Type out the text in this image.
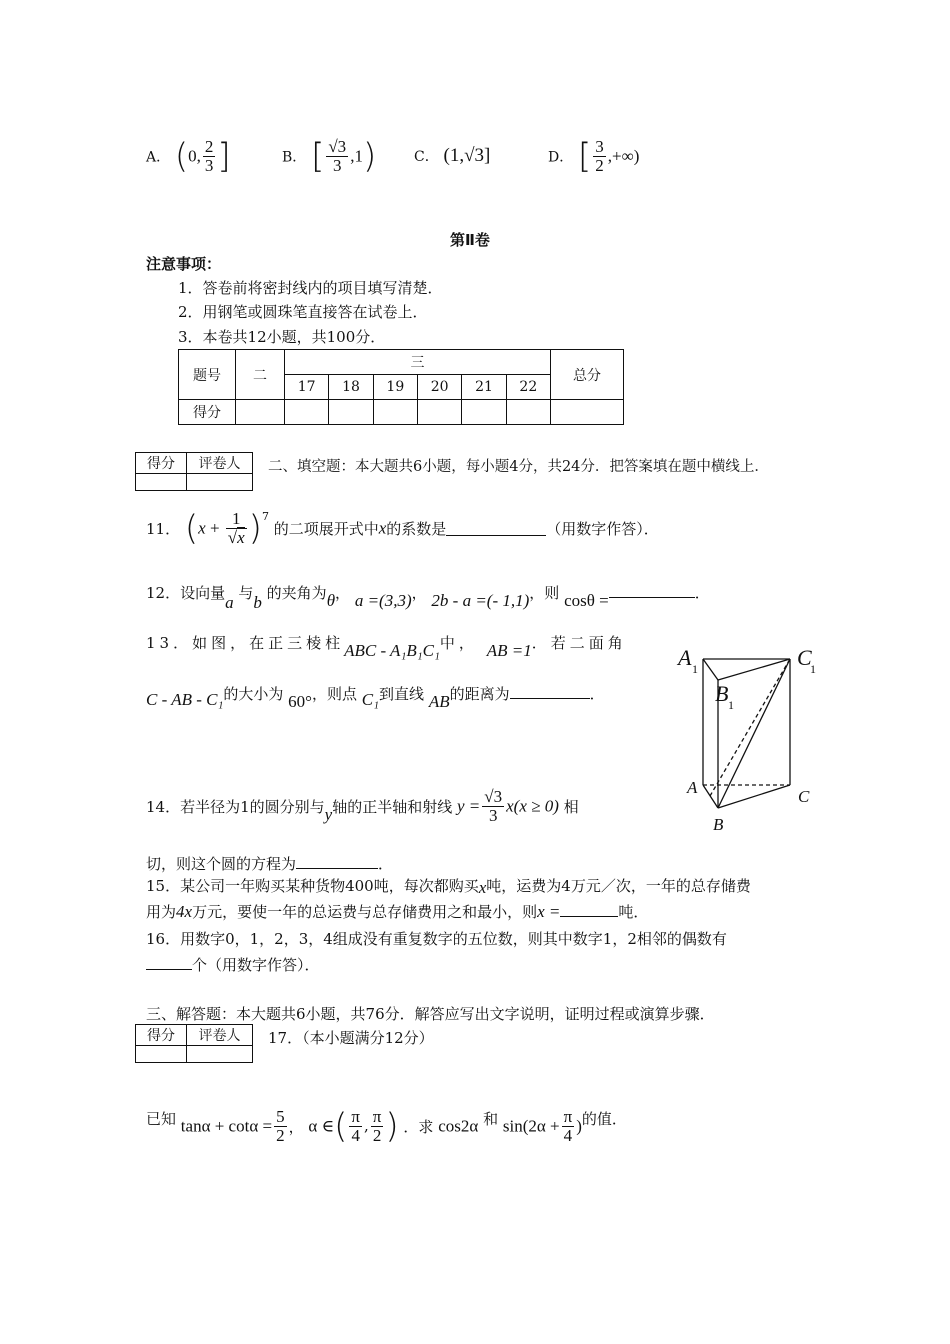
A． (0, $\frac{2}{3}$ ]	B． [ $\frac{√3}{3} ,1$)	C． (1,√3]	D． [ $\frac{3}{2}$ ,+∞)
第Ⅱ卷
注意事项：
1．答卷前将密封线内的项目填写清楚．
2．用钢笔或圆珠笔直接答在试卷上．
3．本卷共12小题，共100分．
题号	二	三						总分
		17	18	19	20	21	22	
得分								
得分	评卷人
	二、填空题：本大题共6小题，每小题4分，共24分．把答案填在题中横线上．
11． $(x + \frac{1}{√x} )^7$ 的二项展开式中x的系数是	（用数字作答）．
12．设向量a 与b 的夹角为θ， a =(3,3)， 2b - a =(- 1,1)，则 cosθ =	．
13．如图，在正三棱柱ABC - A₁B₁C₁中， AB =1．若二面角
C - AB - C₁的大小为 60°，则点 C₁到直线 AB的距离为	．
A 1
B 1
C
1
A
B
C
14．若半径为1的圆分别与y轴的正半轴和射线 $y = \frac{√3}{3} x(x \ge 0)$ 相
切，则这个圆的方程为	．
15．某公司一年购买某种货物400吨，每次都购买x吨，运费为4万元／次，一年的总存储费
用为4x万元，要使一年的总运费与总存储费用之和最小，则x =	吨．
16．用数字0，1，2，3，4组成没有重复数字的五位数，则其中数字1，2相邻的偶数有
个（用数字作答）．
三、解答题：本大题共6小题，共76分．解答应写出文字说明，证明过程或演算步骤．
得分	评卷人
	17．（本小题满分12分）
已知 $\tan\alpha + \cot\alpha = \frac{5}{2}$ ， α ∈( $\frac{\pi}{4}$ , $\frac{\pi}{2}$ ) ．求 cos2α 和 $\sin(2\alpha + \frac{\pi}{4}$ )的值．
